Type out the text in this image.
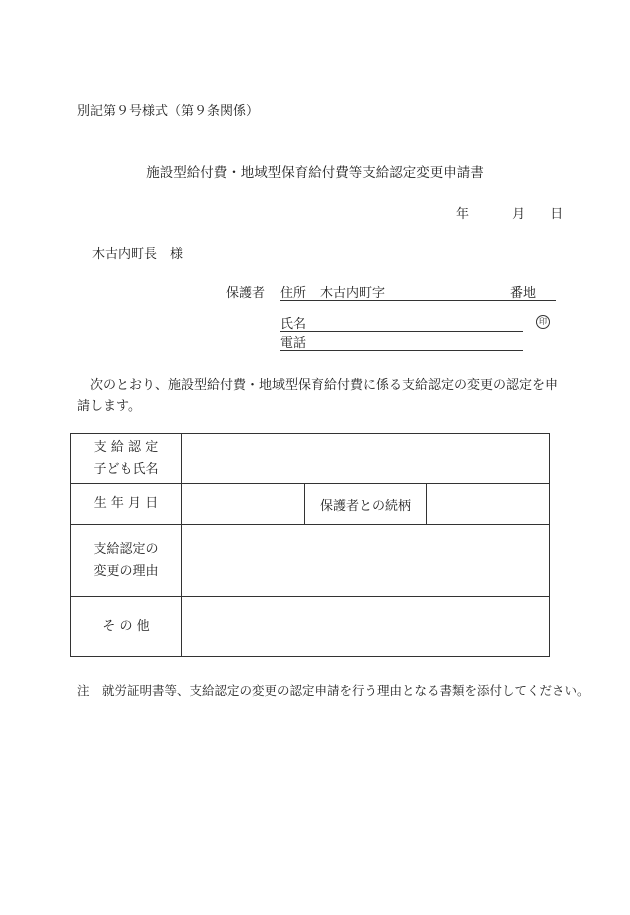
別記第９号様式（第９条関係）
施設型給付費・地域型保育給付費等支給認定変更申請書
年	月 日
木古内町長　様
保護者 住所 木古内町字	番地
氏名	印
電話
次のとおり、施設型給付費・地域型保育給付費に係る支給認定の変更の認定を申請します。
支 給 認 定
子ども氏名			

生 年 月 日		保護者との続柄	

支給認定の
変更の理由			

そ の 他			
注　就労証明書等、支給認定の変更の認定申請を行う理由となる書類を添付してください。
